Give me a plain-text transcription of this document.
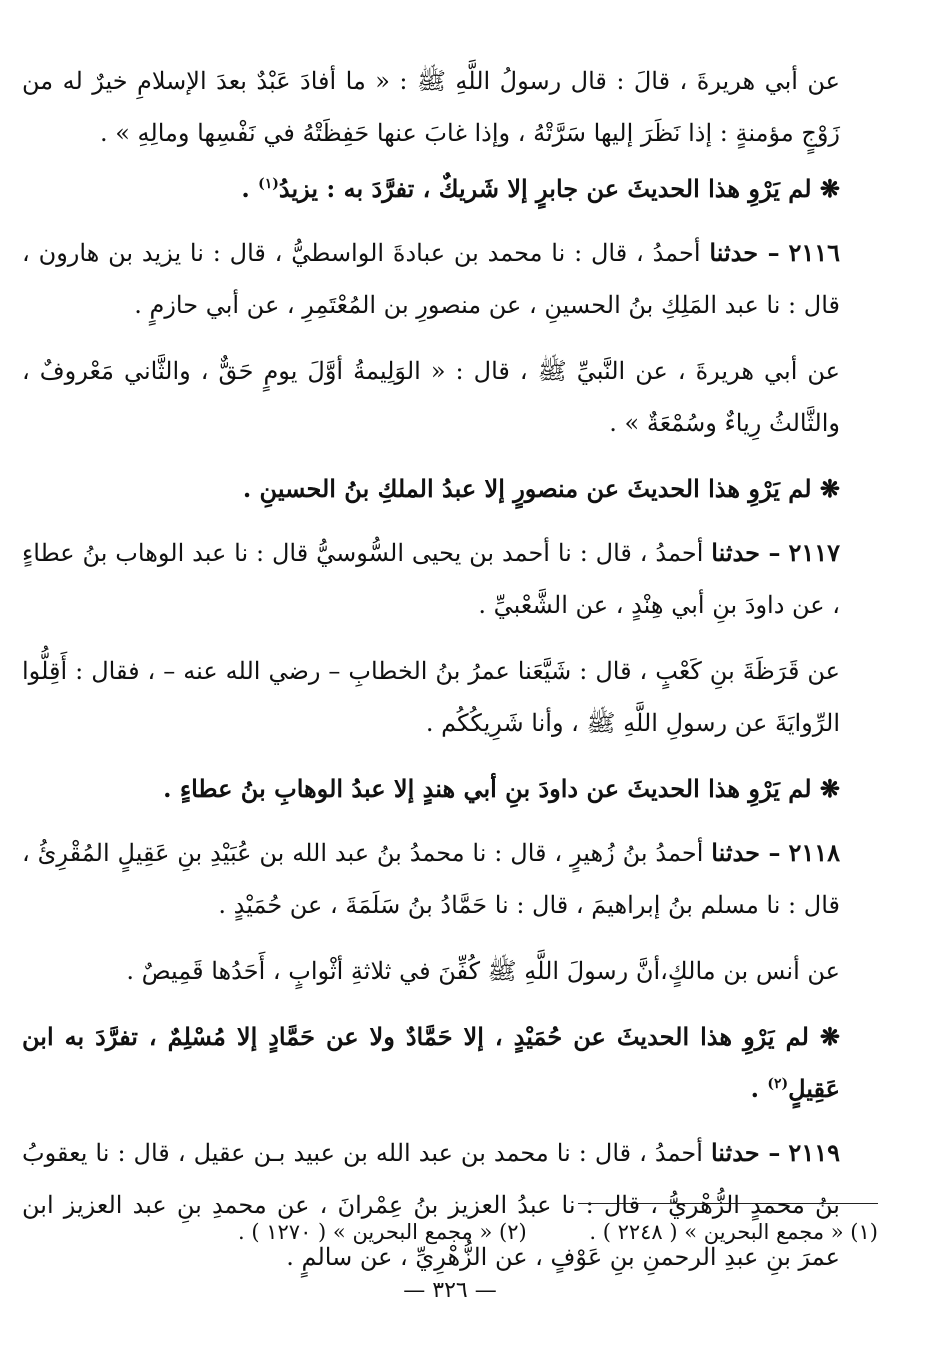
عن أبي هريرةَ ، قالَ : قال رسولُ اللَّهِ ﷺ : « ما أفادَ عَبْدٌ بعدَ الإسلامِ خيرٌ له من زَوْجٍ مؤمنةٍ : إذا نَظَرَ إليها سَرَّتْهُ ، وإذا غابَ عنها حَفِظَتْهُ في نَفْسِها ومالِهِ » .

❋ لم يَرْوِ هذا الحديثَ عن جابرٍ إلا شَريكٌ ، تفرَّدَ به : يزيدُ$^{(١)}$ .

٢١١٦ – حدثنا أحمدُ ، قال : نا محمد بن عبادةَ الواسطيُّ ، قال : نا يزيد بن هارون ، قال : نا عبد المَلِكِ بنُ الحسينِ ، عن منصورِ بن المُعْتَمِرِ ، عن أبي حازمٍ .

عن أبي هريرةَ ، عن النَّبيِّ ﷺ ، قال : « الوَلِيمةُ أوَّلَ يومٍ حَقٌّ ، والثَّاني مَعْروفٌ ، والثَّالثُ رِياءٌ وسُمْعَةٌ » .

❋ لم يَرْوِ هذا الحديثَ عن منصورٍ إلا عبدُ الملكِ بنُ الحسينِ .

٢١١٧ – حدثنا أحمدُ ، قال : نا أحمد بن يحيى السُّوسيُّ قال : نا عبد الوهاب بنُ عطاءٍ ، عن داودَ بنِ أبي هِنْدٍ ، عن الشَّعْبيِّ .

عن قَرَظَةَ بنِ كَعْبٍ ، قال : شَيَّعَنا عمرُ بنُ الخطابِ – رضي الله عنه – ، فقال : أَقِلُّوا الرِّوايَةَ عن رسولِ اللَّهِ ﷺ ، وأنا شَرِيكُكُم .

❋ لم يَرْوِ هذا الحديثَ عن داودَ بنِ أبي هندٍ إلا عبدُ الوهابِ بنُ عطاءٍ .

٢١١٨ – حدثنا أحمدُ بنُ زُهيرٍ ، قال : نا محمدُ بنُ عبد الله بن عُبَيْدِ بنِ عَقِيلٍ المُقْرِئُ ، قال : نا مسلم بنُ إبراهيمَ ، قال : نا حَمَّادُ بنُ سَلَمَةَ ، عن حُمَيْدٍ .

عن أنس بن مالكٍ،أنَّ رسولَ اللَّهِ ﷺ كُفِّنَ في ثلاثةِ أثْوابٍ ، أَحَدُها قَمِيصٌ .

❋ لم يَرْوِ هذا الحديثَ عن حُمَيْدٍ ، إلا حَمَّادٌ ولا عن حَمَّادٍ إلا مُسْلِمٌ ، تفرَّدَ به ابن عَقِيلٍ$^{(٢)}$ .

٢١١٩ – حدثنا أحمدُ ، قال : نا محمد بن عبد الله بن عبيد بـن عقيل ، قال : نا يعقوبُ بنُ محمدٍ الزُّهْريُّ ، قال : نا عبدُ العزيز بنُ عِمْرانَ ، عن محمدِ بنِ عبد العزيز ابن عمرَ بنِ عبدِ الرحمنِ بنِ عَوْفٍ ، عن الزُّهْرِيِّ ، عن سالمٍ .

(١) « مجمع البحرين » ( ٢٢٤٨ ) . (٢) « مجمع البحرين » ( ١٢٧٠ ) .
— ٣٢٦ —
